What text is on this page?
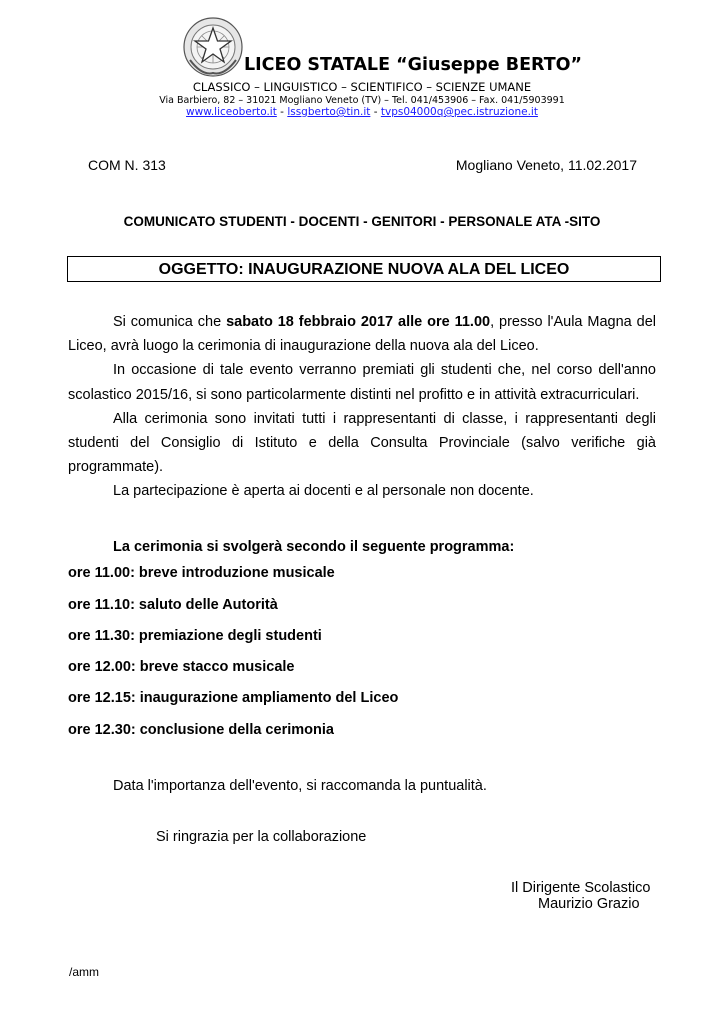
LICEO STATALE “Giuseppe BERTO”
CLASSICO – LINGUISTICO – SCIENTIFICO – SCIENZE UMANE
Via Barbiero, 82 – 31021 Mogliano Veneto (TV) – Tel. 041/453906 – Fax. 041/5903991
www.liceoberto.it - lssgberto@tin.it - tvps04000q@pec.istruzione.it
COM N. 313	Mogliano Veneto, 11.02.2017
COMUNICATO STUDENTI - DOCENTI - GENITORI - PERSONALE ATA -SITO
OGGETTO: INAUGURAZIONE NUOVA ALA DEL LICEO

Si comunica che sabato 18 febbraio 2017 alle ore 11.00, presso l'Aula Magna del Liceo, avrà luogo la cerimonia di inaugurazione della nuova ala del Liceo.

In occasione di tale evento verranno premiati gli studenti che, nel corso dell'anno scolastico 2015/16, si sono particolarmente distinti nel profitto e in attività extracurriculari.

Alla cerimonia sono invitati tutti i rappresentanti di classe, i rappresentanti degli studenti del Consiglio di Istituto e della Consulta Provinciale (salvo verifiche già programmate).

La partecipazione è aperta ai docenti e al personale non docente.

La cerimonia si svolgerà secondo il seguente programma:
ore 11.00: breve introduzione musicale
ore 11.10: saluto delle Autorità
ore 11.30: premiazione degli studenti
ore 12.00: breve stacco musicale
ore 12.15: inaugurazione ampliamento del Liceo
ore 12.30: conclusione della cerimonia
Data l'importanza dell'evento, si raccomanda la puntualità.
Si ringrazia per la collaborazione
Il Dirigente Scolastico
Maurizio Grazio
/amm
